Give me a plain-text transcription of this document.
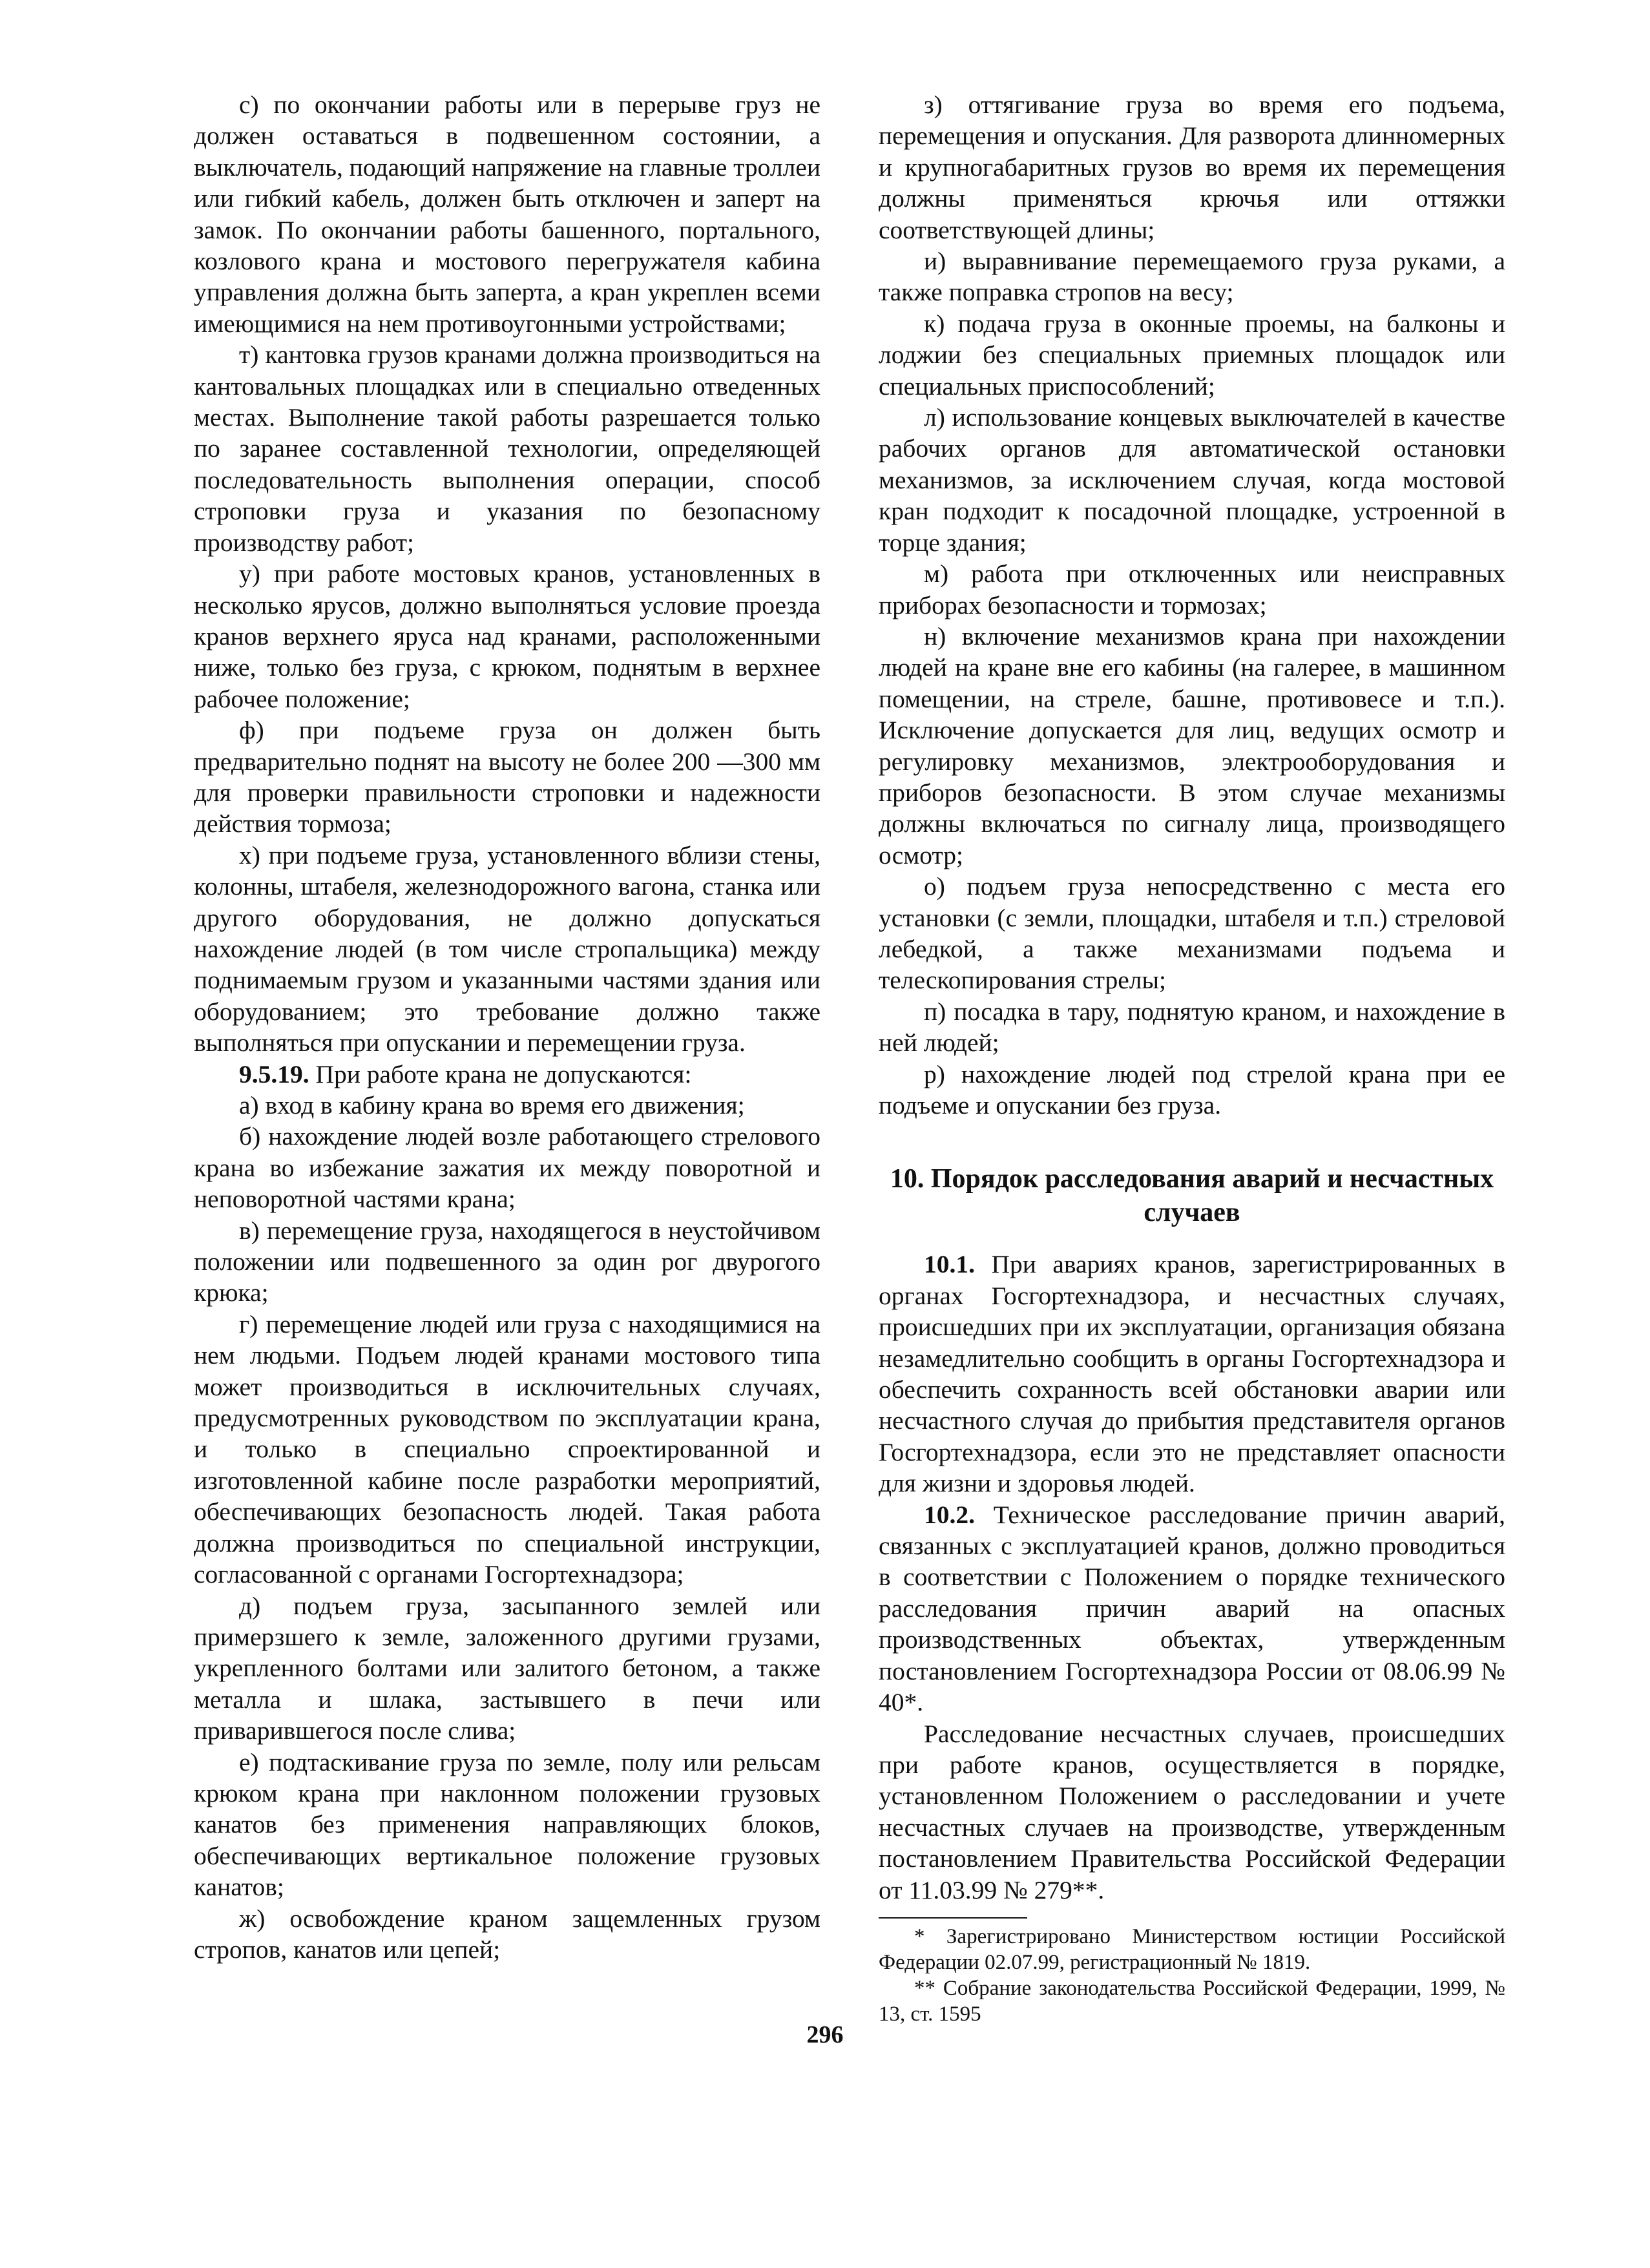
с) по окончании работы или в перерыве груз не должен оставаться в подвешенном состоянии, а выключатель, подающий напряжение на главные троллеи или гибкий кабель, должен быть отключен и заперт на замок. По окончании работы башенного, портального, козлового крана и мостового перегружателя кабина управления должна быть заперта, а кран укреплен всеми имеющимися на нем противоугонными устройствами;

т) кантовка грузов кранами должна производиться на кантовальных площадках или в специально отведенных местах. Выполнение такой работы разрешается только по заранее составленной технологии, определяющей последовательность выполнения операции, способ строповки груза и указания по безопасному производству работ;

у) при работе мостовых кранов, установленных в несколько ярусов, должно выполняться условие проезда кранов верхнего яруса над кранами, расположенными ниже, только без груза, с крюком, поднятым в верхнее рабочее положение;

ф) при подъеме груза он должен быть предварительно поднят на высоту не более 200 —300 мм для проверки правильности строповки и надежности действия тормоза;

х) при подъеме груза, установленного вблизи стены, колонны, штабеля, железнодорожного вагона, станка или другого оборудования, не должно допускаться нахождение людей (в том числе стропальщика) между поднимаемым грузом и указанными частями здания или оборудованием; это требование должно также выполняться при опускании и перемещении груза.

9.5.19. При работе крана не допускаются:

а) вход в кабину крана во время его движения;

б) нахождение людей возле работающего стрелового крана во избежание зажатия их между поворотной и неповоротной частями крана;

в) перемещение груза, находящегося в неустойчивом положении или подвешенного за один рог двурогого крюка;

г) перемещение людей или груза с находящимися на нем людьми. Подъем людей кранами мостового типа может производиться в исключительных случаях, предусмотренных руководством по эксплуатации крана, и только в специально спроектированной и изготовленной кабине после разработки мероприятий, обеспечивающих безопасность людей. Такая работа должна производиться по специальной инструкции, согласованной с органами Госгортехнадзора;

д) подъем груза, засыпанного землей или примерзшего к земле, заложенного другими грузами, укрепленного болтами или залитого бетоном, а также металла и шлака, застывшего в печи или приварившегося после слива;

е) подтаскивание груза по земле, полу или рельсам крюком крана при наклонном положении грузовых канатов без применения направляющих блоков, обеспечивающих вертикальное положение грузовых канатов;

ж) освобождение краном защемленных грузом стропов, канатов или цепей;

з) оттягивание груза во время его подъема, перемещения и опускания. Для разворота длинномерных и крупногабаритных грузов во время их перемещения должны применяться крючья или оттяжки соответствующей длины;

и) выравнивание перемещаемого груза руками, а также поправка стропов на весу;

к) подача груза в оконные проемы, на балконы и лоджии без специальных приемных площадок или специальных приспособлений;

л) использование концевых выключателей в качестве рабочих органов для автоматической остановки механизмов, за исключением случая, когда мостовой кран подходит к посадочной площадке, устроенной в торце здания;

м) работа при отключенных или неисправных приборах безопасности и тормозах;

н) включение механизмов крана при нахождении людей на кране вне его кабины (на галерее, в машинном помещении, на стреле, башне, противовесе и т.п.). Исключение допускается для лиц, ведущих осмотр и регулировку механизмов, электрооборудования и приборов безопасности. В этом случае механизмы должны включаться по сигналу лица, производящего осмотр;

о) подъем груза непосредственно с места его установки (с земли, площадки, штабеля и т.п.) стреловой лебедкой, а также механизмами подъема и телескопирования стрелы;

п) посадка в тару, поднятую краном, и нахождение в ней людей;

р) нахождение людей под стрелой крана при ее подъеме и опускании без груза.

10. Порядок расследования аварий и несчастных случаев

10.1. При авариях кранов, зарегистрированных в органах Госгортехнадзора, и несчастных случаях, происшедших при их эксплуатации, организация обязана незамедлительно сообщить в органы Госгортехнадзора и обеспечить сохранность всей обстановки аварии или несчастного случая до прибытия представителя органов Госгортехнадзора, если это не представляет опасности для жизни и здоровья людей.

10.2. Техническое расследование причин аварий, связанных с эксплуатацией кранов, должно проводиться в соответствии с Положением о порядке технического расследования причин аварий на опасных производственных объектах, утвержденным постановлением Госгортехнадзора России от 08.06.99 № 40*.

Расследование несчастных случаев, происшедших при работе кранов, осуществляется в порядке, установленном Положением о расследовании и учете несчастных случаев на производстве, утвержденным постановлением Правительства Российской Федерации от 11.03.99 № 279**.

* Зарегистрировано Министерством юстиции Российской Федерации 02.07.99, регистрационный № 1819.

** Собрание законодательства Российской Федерации, 1999, № 13, ст. 1595

296
